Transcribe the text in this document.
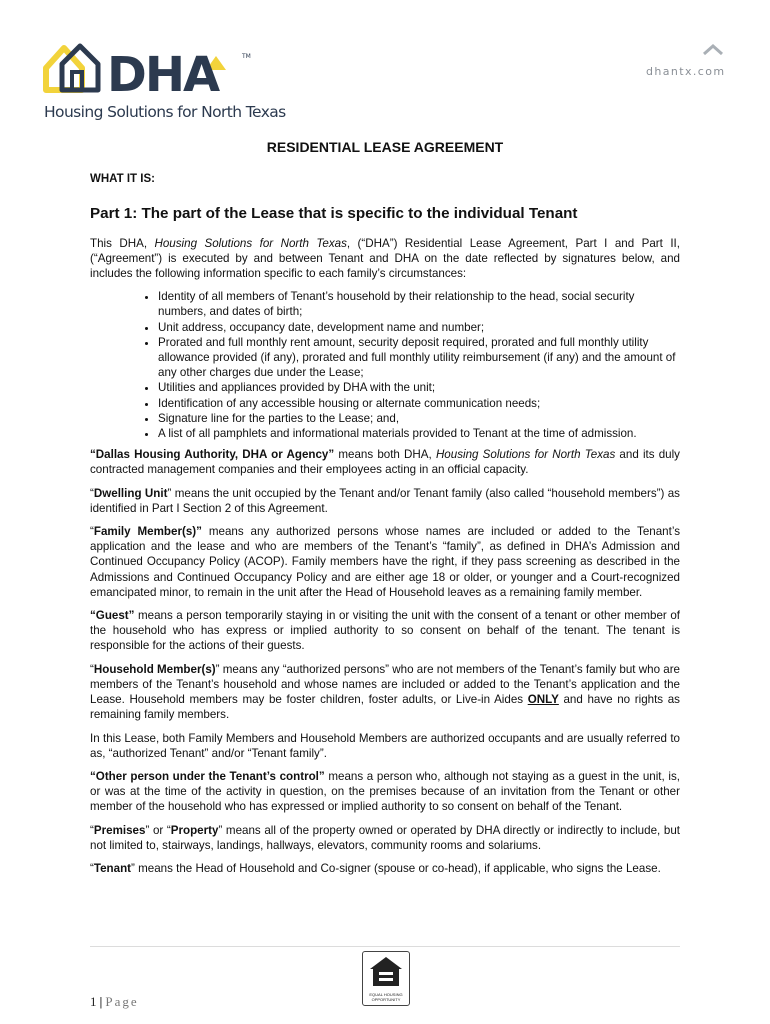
DHA	TM
Housing Solutions for North Texas
dhantx.com
RESIDENTIAL LEASE AGREEMENT
WHAT IT IS:
Part 1: The part of the Lease that is specific to the individual Tenant

This DHA, Housing Solutions for North Texas, (“DHA”) Residential Lease Agreement, Part I and Part II, (“Agreement”) is executed by and between Tenant and DHA on the date reflected by signatures below, and includes the following information specific to each family’s circumstances:

• Identity of all members of Tenant’s household by their relationship to the head, social security numbers, and dates of birth;
• Unit address, occupancy date, development name and number;
• Prorated and full monthly rent amount, security deposit required, prorated and full monthly utility allowance provided (if any), prorated and full monthly utility reimbursement (if any) and the amount of any other charges due under the Lease;
• Utilities and appliances provided by DHA with the unit;
• Identification of any accessible housing or alternate communication needs;
• Signature line for the parties to the Lease; and,
• A list of all pamphlets and informational materials provided to Tenant at the time of admission.

“Dallas Housing Authority, DHA or Agency” means both DHA, Housing Solutions for North Texas and its duly contracted management companies and their employees acting in an official capacity.

“Dwelling Unit” means the unit occupied by the Tenant and/or Tenant family (also called “household members”) as identified in Part I Section 2 of this Agreement.

“Family Member(s)” means any authorized persons whose names are included or added to the Tenant’s application and the lease and who are members of the Tenant’s “family”, as defined in DHA’s Admission and Continued Occupancy Policy (ACOP). Family members have the right, if they pass screening as described in the Admissions and Continued Occupancy Policy and are either age 18 or older, or younger and a Court-recognized emancipated minor, to remain in the unit after the Head of Household leaves as a remaining family member.

“Guest” means a person temporarily staying in or visiting the unit with the consent of a tenant or other member of the household who has express or implied authority to so consent on behalf of the tenant. The tenant is responsible for the actions of their guests.

“Household Member(s)” means any “authorized persons” who are not members of the Tenant’s family but who are members of the Tenant’s household and whose names are included or added to the Tenant’s application and the Lease. Household members may be foster children, foster adults, or Live-in Aides ONLY and have no rights as remaining family members.

In this Lease, both Family Members and Household Members are authorized occupants and are usually referred to as, “authorized Tenant” and/or “Tenant family”.

“Other person under the Tenant’s control” means a person who, although not staying as a guest in the unit, is, or was at the time of the activity in question, on the premises because of an invitation from the Tenant or other member of the household who has expressed or implied authority to so consent on behalf of the Tenant.

“Premises” or “Property” means all of the property owned or operated by DHA directly or indirectly to include, but not limited to, stairways, landings, hallways, elevators, community rooms and solariums.

“Tenant” means the Head of Household and Co-signer (spouse or co-head), if applicable, who signs the Lease.

EQUAL HOUSING OPPORTUNITY
1 | Page
